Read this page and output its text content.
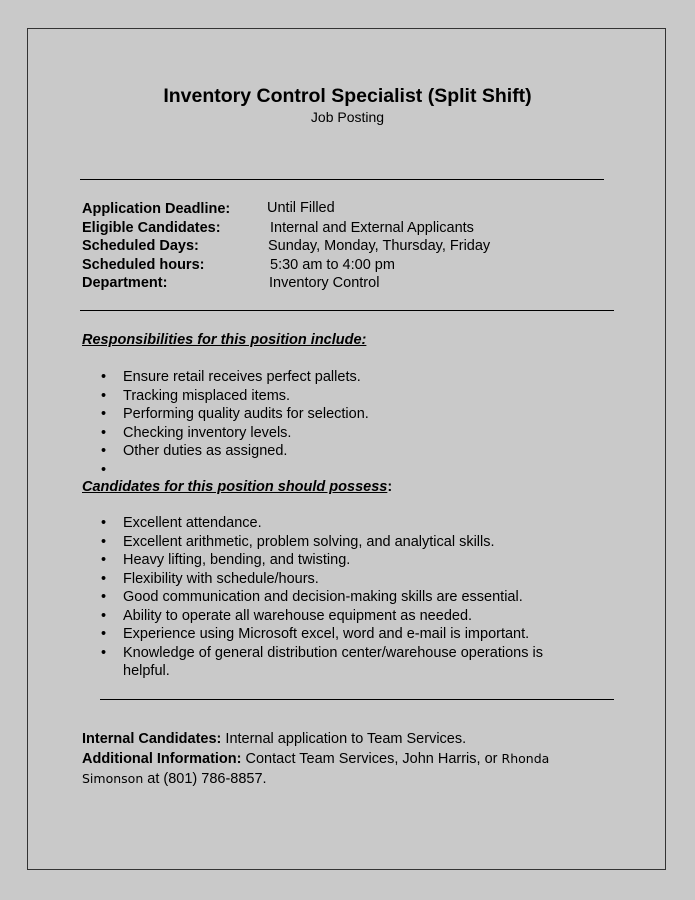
Inventory Control Specialist (Split Shift)
Job Posting
Application Deadline:	Until Filled
Eligible Candidates:	Internal and External Applicants
Scheduled Days:	Sunday, Monday, Thursday, Friday
Scheduled hours:	5:30 am to 4:00 pm
Department:	Inventory Control
Responsibilities for this position include:
• Ensure retail receives perfect pallets.
• Tracking misplaced items.
• Performing quality audits for selection.
• Checking inventory levels.
• Other duties as assigned.
•
Candidates for this position should possess:
• Excellent attendance.
• Excellent arithmetic, problem solving, and analytical skills.
• Heavy lifting, bending, and twisting.
• Flexibility with schedule/hours.
• Good communication and decision-making skills are essential.
• Ability to operate all warehouse equipment as needed.
• Experience using Microsoft excel, word and e-mail is important.
• Knowledge of general distribution center/warehouse operations is helpful.
Internal Candidates: Internal application to Team Services.
Additional Information: Contact Team Services, John Harris, or Rhonda
Simonson at (801) 786-8857.
